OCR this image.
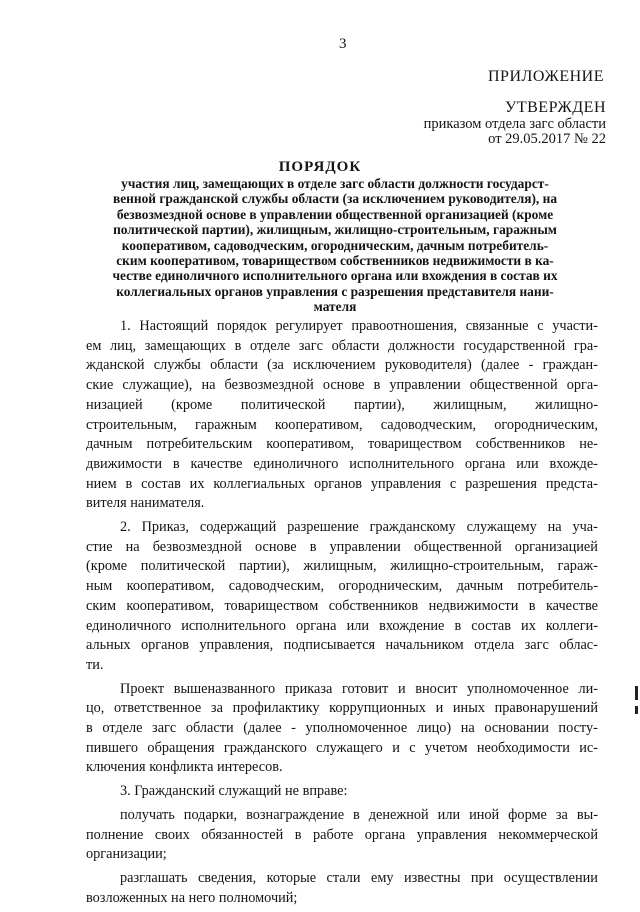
3
ПРИЛОЖЕНИЕ
УТВЕРЖДЕН
приказом отдела загс области
от 29.05.2017 № 22
ПОРЯДОК
участия лиц, замещающих в отделе загс области должности государст-
венной гражданской службы области (за исключением руководителя), на
безвозмездной основе в управлении общественной организацией (кроме
политической партии), жилищным, жилищно-строительным, гаражным
кооперативом, садоводческим, огородническим, дачным потребитель-
ским кооперативом, товариществом собственников недвижимости в ка-
честве единоличного исполнительного органа или вхождения в состав их
коллегиальных органов управления с разрешения представителя нани-
мателя
1. Настоящий порядок регулирует правоотношения, связанные с участи-
ем лиц, замещающих в отделе загс области должности государственной гра-
жданской службы области (за исключением руководителя) (далее - граждан-
ские служащие), на безвозмездной основе в управлении общественной орга-
низацией (кроме политической партии), жилищным, жилищно-
строительным, гаражным кооперативом, садоводческим, огородническим,
дачным потребительским кооперативом, товариществом собственников не-
движимости в качестве единоличного исполнительного органа или вхожде-
нием в состав их коллегиальных органов управления с разрешения предста-
вителя нанимателя.
2. Приказ, содержащий разрешение гражданскому служащему на уча-
стие на безвозмездной основе в управлении общественной организацией
(кроме политической партии), жилищным, жилищно-строительным, гараж-
ным кооперативом, садоводческим, огородническим, дачным потребитель-
ским кооперативом, товариществом собственников недвижимости в качестве
единоличного исполнительного органа или вхождение в состав их коллеги-
альных органов управления, подписывается начальником отдела загс облас-
ти.
Проект вышеназванного приказа готовит и вносит уполномоченное ли-
цо, ответственное за профилактику коррупционных и иных правонарушений
в отделе загс области (далее - уполномоченное лицо) на основании посту-
пившего обращения гражданского служащего и с учетом необходимости ис-
ключения конфликта интересов.
3. Гражданский служащий не вправе:
получать подарки, вознаграждение в денежной или иной форме за вы-
полнение своих обязанностей в работе органа управления некоммерческой
организации;
разглашать сведения, которые стали ему известны при осуществлении
возложенных на него полномочий;
